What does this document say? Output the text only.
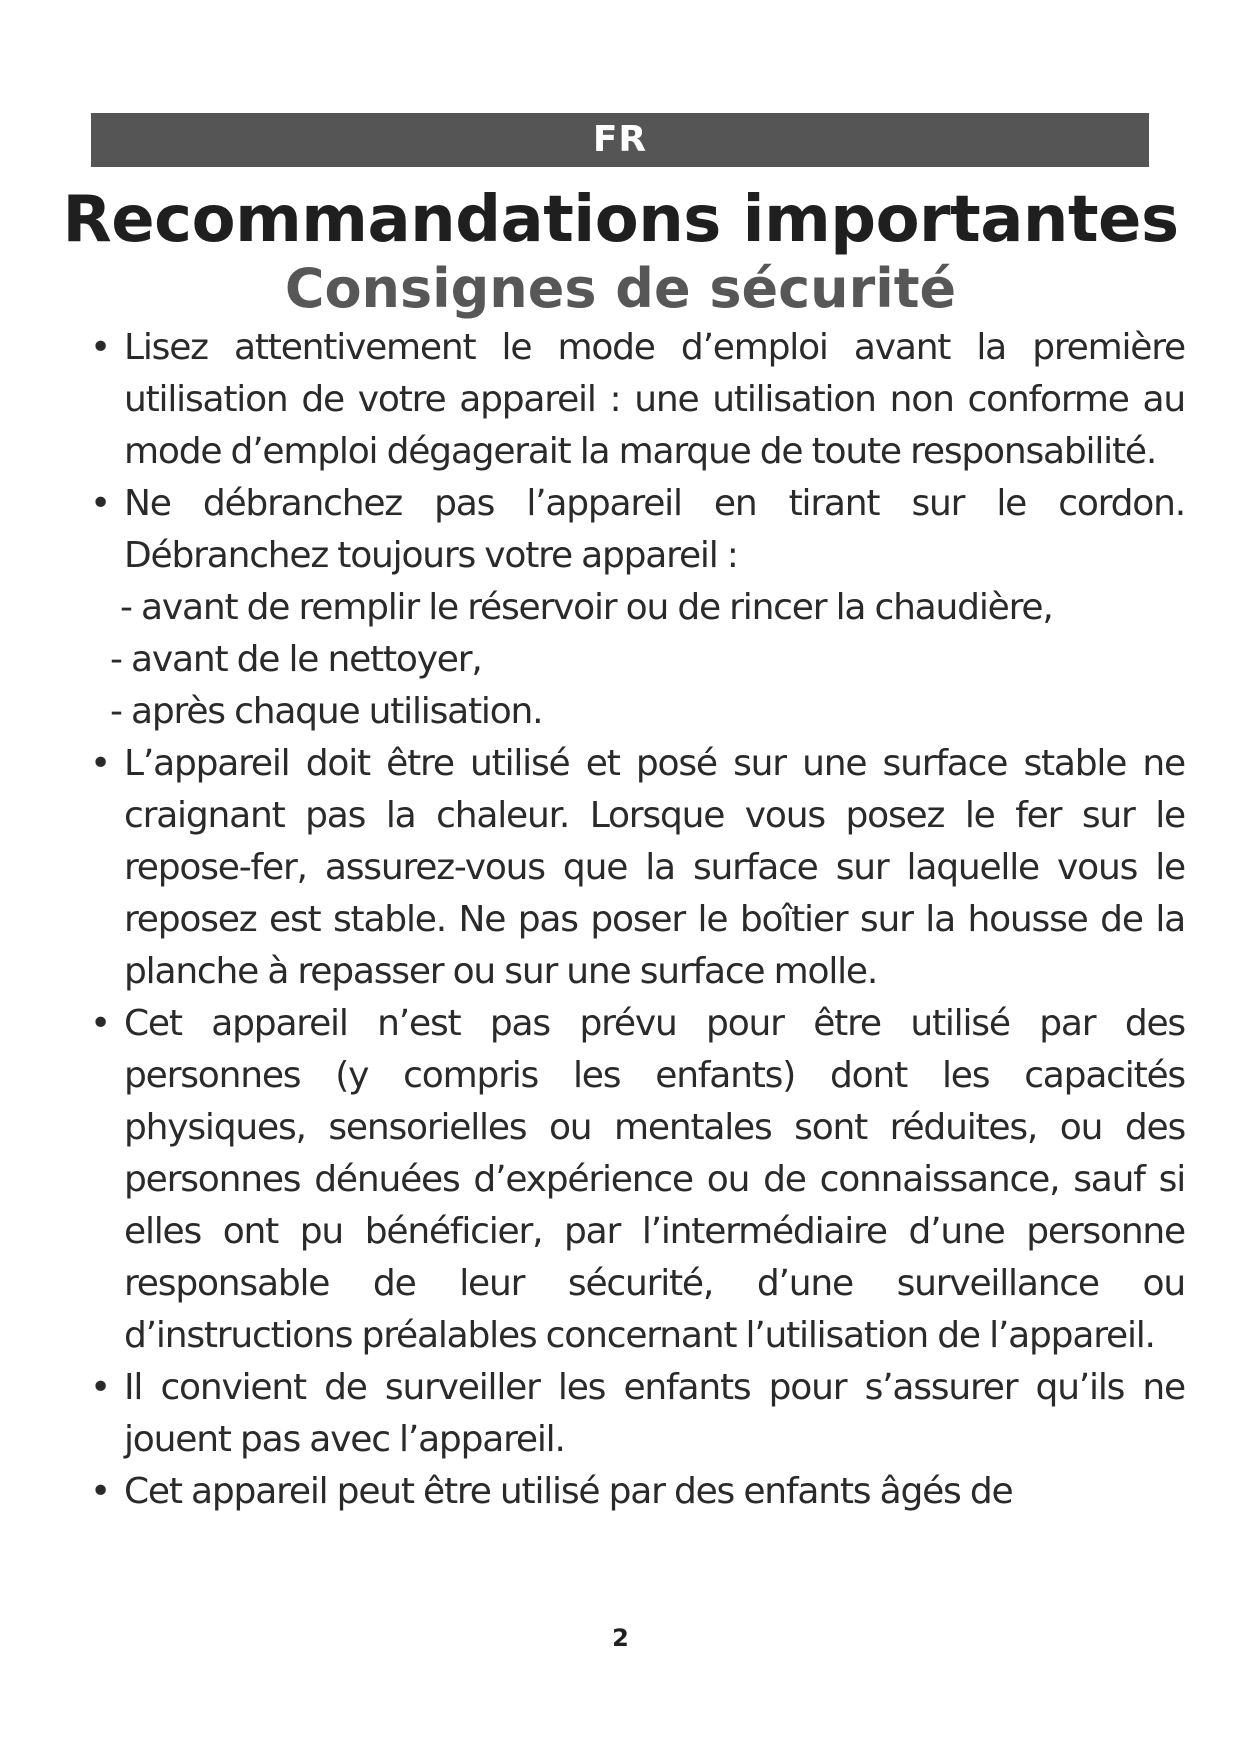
FR
Recommandations importantes
Consignes de sécurité
• Lisez attentivement le mode d’emploi avant la première utilisation de votre appareil : une utilisation non conforme au mode d’emploi dégagerait la marque de toute responsabilité.
• Ne débranchez pas l’appareil en tirant sur le cordon. Débranchez toujours votre appareil :
- avant de remplir le réservoir ou de rincer la chaudière,
- avant de le nettoyer,
- après chaque utilisation.
• L’appareil doit être utilisé et posé sur une surface stable ne craignant pas la chaleur. Lorsque vous posez le fer sur le repose-fer, assurez-vous que la surface sur laquelle vous le reposez est stable. Ne pas poser le boîtier sur la housse de la planche à repasser ou sur une surface molle.
• Cet appareil n’est pas prévu pour être utilisé par des personnes (y compris les enfants) dont les capacités physiques, sensorielles ou mentales sont réduites, ou des personnes dénuées d’expérience ou de connaissance, sauf si elles ont pu bénéficier, par l’intermédiaire d’une personne responsable de leur sécurité, d’une surveillance ou d’instructions préalables concernant l’utilisation de l’appareil.
• Il convient de surveiller les enfants pour s’assurer qu’ils ne jouent pas avec l’appareil.
• Cet appareil peut être utilisé par des enfants âgés de
2
